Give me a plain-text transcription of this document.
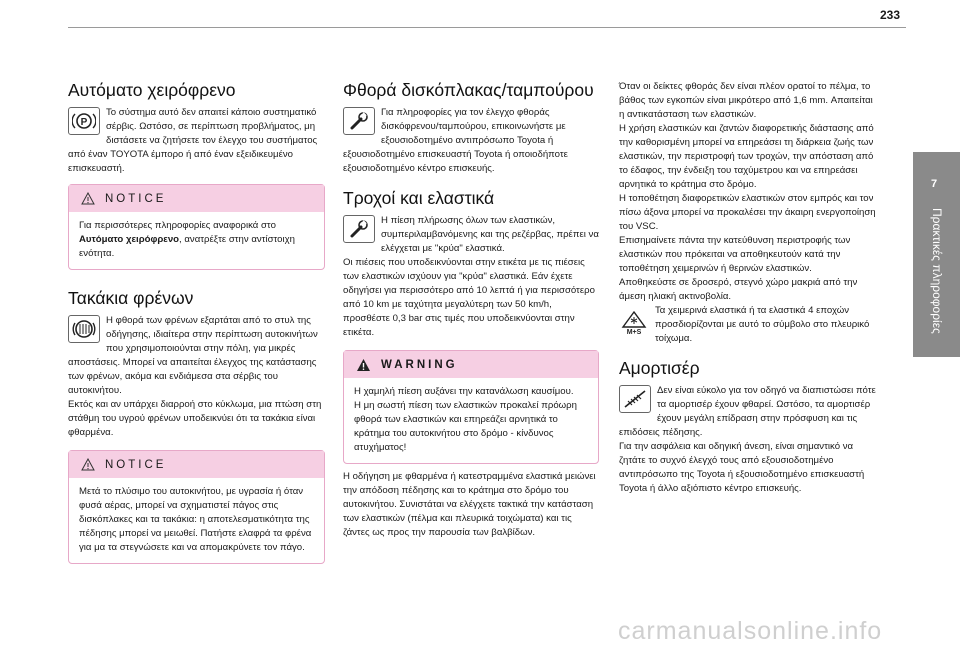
233
7
Πρακτικές πληροφορίες
Αυτόματο χειρόφρενο
P
Το σύστημα αυτό δεν απαιτεί κάποιο συστηματικό σέρβις. Ωστόσο, σε περίπτωση προβλήματος, μη διστάσετε να ζητήσετε τον έλεγχο του συστήματος από έναν TOYOTA έμπορο ή από έναν εξειδικευμένο επισκευαστή.
NOTICE
Για περισσότερες πληροφορίες αναφορικά στο Αυτόματο χειρόφρενο, ανατρέξτε στην αντίστοιχη ενότητα.
Τακάκια φρένων
Η φθορά των φρένων εξαρτάται από το στυλ της οδήγησης, ιδιαίτερα στην περίπτωση αυτοκινήτων που χρησιμοποιούνται στην πόλη, για μικρές αποστάσεις. Μπορεί να απαιτείται έλεγχος της κατάστασης των φρένων, ακόμα και ενδιάμεσα στα σέρβις του αυτοκινήτου.
Εκτός και αν υπάρχει διαρροή στο κύκλωμα, μια πτώση στη στάθμη του υγρού φρένων υποδεικνύει ότι τα τακάκια είναι φθαρμένα.
NOTICE
Μετά το πλύσιμο του αυτοκινήτου, με υγρασία ή όταν φυσά αέρας, μπορεί να σχηματιστεί πάγος στις δισκόπλακες και τα τακάκια: η αποτελεσματικότητα της πέδησης μπορεί να μειωθεί. Πατήστε ελαφρά τα φρένα για μα τα στεγνώσετε και να απομακρύνετε τον πάγο.
Φθορά δισκόπλακας/ταμπούρου
Για πληροφορίες για τον έλεγχο φθοράς δισκόφρενου/ταμπούρου, επικοινωνήστε με εξουσιοδοτημένο αντιπρόσωπο Toyota ή εξουσιοδοτημένο επισκευαστή Toyota ή οποιοδήποτε εξουσιοδοτημένο κέντρο επισκευής.
Τροχοί και ελαστικά
Η πίεση πλήρωσης όλων των ελαστικών, συμπεριλαμβανόμενης και της ρεζέρβας, πρέπει να ελέγχεται με "κρύα" ελαστικά.
Οι πιέσεις που υποδεικνύονται στην ετικέτα με τις πιέσεις των ελαστικών ισχύουν για "κρύα" ελαστικά. Εάν έχετε οδηγήσει για περισσότερο από 10 λεπτά ή για περισσότερο από 10 km με ταχύτητα μεγαλύτερη των 50 km/h, προσθέστε 0,3 bar στις τιμές που υποδεικνύονται στην ετικέτα.
WARNING
Η χαμηλή πίεση αυξάνει την κατανάλωση καυσίμου.
Η μη σωστή πίεση των ελαστικών προκαλεί πρόωρη φθορά των ελαστικών και επηρεάζει αρνητικά το κράτημα του αυτοκινήτου στο δρόμο - κίνδυνος ατυχήματος!
Η οδήγηση με φθαρμένα ή κατεστραμμένα ελαστικά μειώνει την απόδοση πέδησης και το κράτημα στο δρόμο του αυτοκινήτου. Συνιστάται να ελέγχετε τακτικά την κατάσταση των ελαστικών (πέλμα και πλευρικά τοιχώματα) και τις ζάντες ως προς την παρουσία των βαλβίδων.
Όταν οι δείκτες φθοράς δεν είναι πλέον ορατοί το πέλμα, το βάθος των εγκοπών είναι μικρότερο από 1,6 mm. Απαιτείται η αντικατάσταση των ελαστικών.
Η χρήση ελαστικών και ζαντών διαφορετικής διάστασης από την καθορισμένη μπορεί να επηρεάσει τη διάρκεια ζωής των ελαστικών, την περιστροφή των τροχών, την απόσταση από το έδαφος, την ένδειξη του ταχύμετρου και να επηρεάσει αρνητικά το κράτημα στο δρόμο.
Η τοποθέτηση διαφορετικών ελαστικών στον εμπρός και τον πίσω άξονα μπορεί να προκαλέσει την άκαιρη ενεργοποίηση του VSC.
Επισημαίνετε πάντα την κατεύθυνση περιστροφής των ελαστικών που πρόκειται να αποθηκευτούν κατά την τοποθέτηση χειμερινών ή θερινών ελαστικών.
Αποθηκεύστε σε δροσερό, στεγνό χώρο μακριά από την άμεση ηλιακή ακτινοβολία.
M+S
Τα χειμερινά ελαστικά ή τα ελαστικά 4 εποχών προσδιορίζονται με αυτό το σύμβολο στο πλευρικό τοίχωμα.
Αμορτισέρ
Δεν είναι εύκολο για τον οδηγό να διαπιστώσει πότε τα αμορτισέρ έχουν φθαρεί. Ωστόσο, τα αμορτισέρ έχουν μεγάλη επίδραση στην πρόσφυση και τις επιδόσεις πέδησης.
Για την ασφάλεια και οδηγική άνεση, είναι σημαντικό να ζητάτε το συχνό έλεγχό τους από εξουσιοδοτημένο αντιπρόσωπο της Toyota ή εξουσιοδοτημένο επισκευαστή Toyota ή άλλο αξιόπιστο κέντρο επισκευής.
carmanualsonline.info
